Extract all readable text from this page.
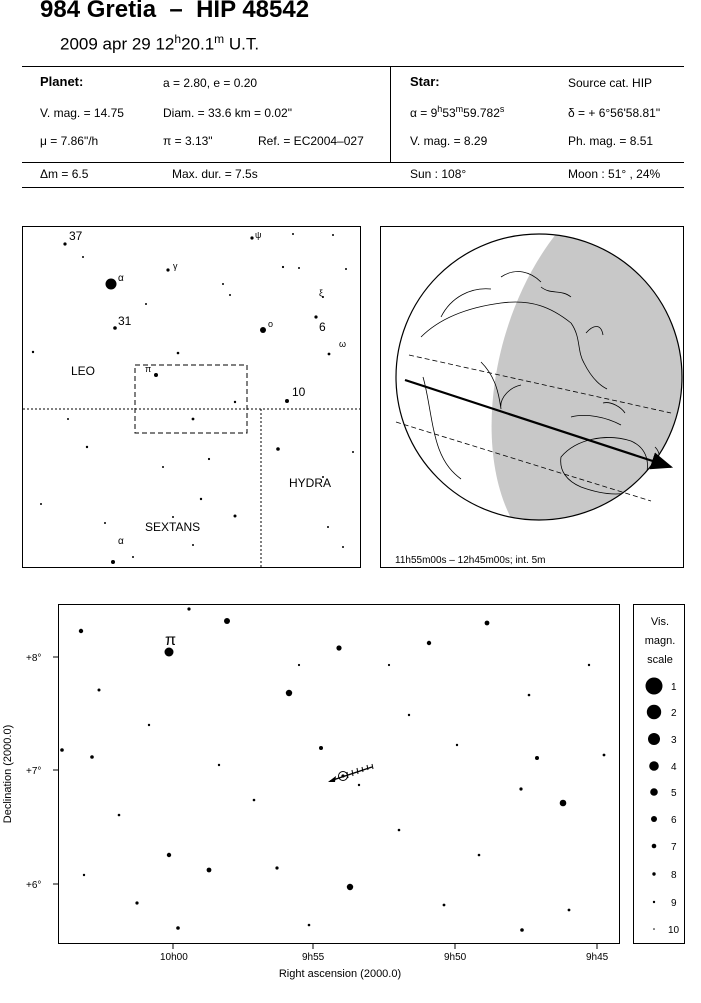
984 Gretia  –  HIP 48542
2009 apr 29 12$^h$20.1$^m$ U.T.
Planet:	a = 2.80, e = 0.20
V. mag. = 14.75	Diam. = 33.6 km = 0.02"
μ = 7.86"/h	π = 3.13"	Ref. = EC2004–027
Star:	Source cat. HIP
$\alpha = 9^h53^m59.782^s$	δ = + 6°56'58.81"
V. mag. = 8.29	Ph. mag. = 8.51
Δm = 6.5	Max. dur. = 7.5s	Sun : 108°	Moon : 51° , 24%
LEO
SEXTANS
HYDRA
37
α
31
10
6
α
γ
ψ
ξ
ο
ω
π
11h55m00s – 12h45m00s; int. 5m
π
+8°
+7°
+6°
10h00	9h55	9h50	9h45
Right ascension (2000.0)
Declination (2000.0)
Vis.
magn.
scale
1
2
3
4
5
6
7
8
9
10
